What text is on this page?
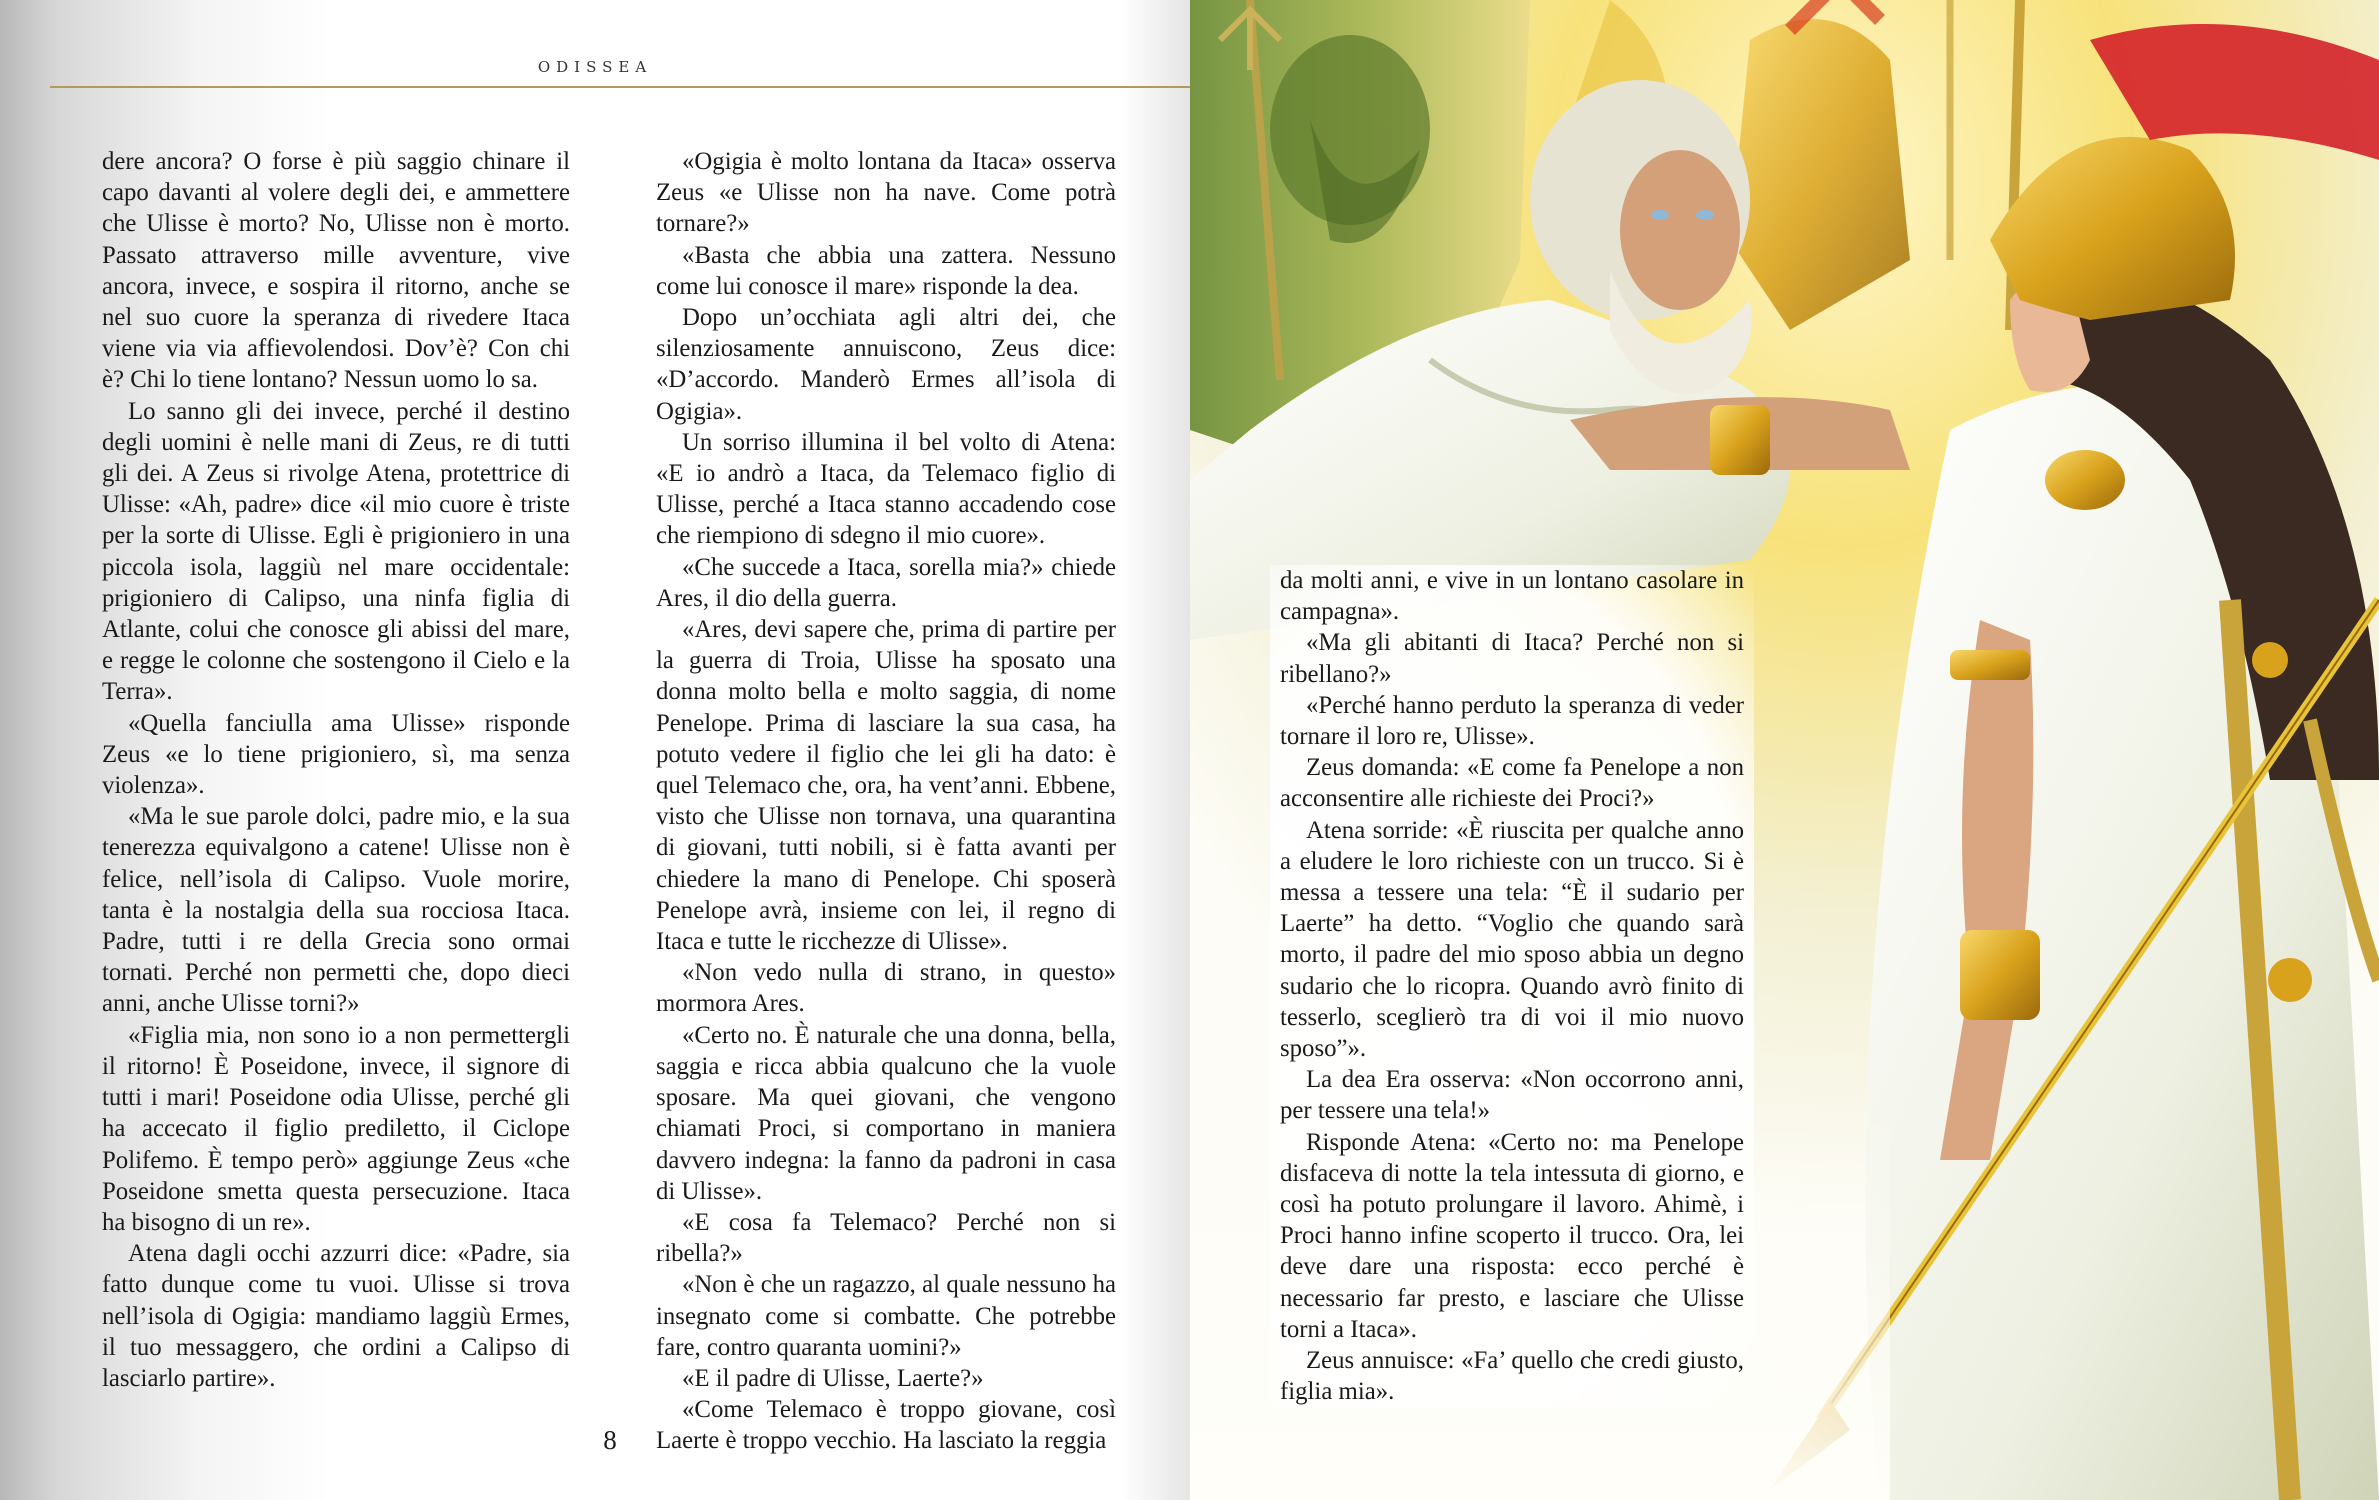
ODISSEA

dere ancora? O forse è più saggio chinare il capo davanti al volere degli dei, e ammettere che Ulisse è morto? No, Ulisse non è morto. Passato attraverso mille avventure, vive ancora, invece, e sospira il ritorno, anche se nel suo cuore la speranza di rivedere Itaca viene via via affievolendosi. Dov’è? Con chi è? Chi lo tiene lontano? Nessun uomo lo sa.

Lo sanno gli dei invece, perché il destino degli uomini è nelle mani di Zeus, re di tutti gli dei. A Zeus si rivolge Atena, protettrice di Ulisse: «Ah, padre» dice «il mio cuore è triste per la sorte di Ulisse. Egli è prigioniero in una piccola isola, laggiù nel mare occidentale: prigioniero di Calipso, una ninfa figlia di Atlante, colui che conosce gli abissi del mare, e regge le colonne che sostengono il Cielo e la Terra».

«Quella fanciulla ama Ulisse» risponde Zeus «e lo tiene prigioniero, sì, ma senza violenza».

«Ma le sue parole dolci, padre mio, e la sua tenerezza equivalgono a catene! Ulisse non è felice, nell’isola di Calipso. Vuole morire, tanta è la nostalgia della sua rocciosa Itaca. Padre, tutti i re della Grecia sono ormai tornati. Perché non permetti che, dopo dieci anni, anche Ulisse torni?»

«Figlia mia, non sono io a non permettergli il ritorno! È Poseidone, invece, il signore di tutti i mari! Poseidone odia Ulisse, perché gli ha accecato il figlio prediletto, il Ciclope Polifemo. È tempo però» aggiunge Zeus «che Poseidone smetta questa persecuzione. Itaca ha bisogno di un re».

Atena dagli occhi azzurri dice: «Padre, sia fatto dunque come tu vuoi. Ulisse si trova nell’isola di Ogigia: mandiamo laggiù Ermes, il tuo messaggero, che ordini a Calipso di lasciarlo partire».

«Ogigia è molto lontana da Itaca» osserva Zeus «e Ulisse non ha nave. Come potrà tornare?»

«Basta che abbia una zattera. Nessuno come lui conosce il mare» risponde la dea.

Dopo un’occhiata agli altri dei, che silenziosamente annuiscono, Zeus dice: «D’accordo. Manderò Ermes all’isola di Ogigia».

Un sorriso illumina il bel volto di Atena: «E io andrò a Itaca, da Telemaco figlio di Ulisse, perché a Itaca stanno accadendo cose che riempiono di sdegno il mio cuore».

«Che succede a Itaca, sorella mia?» chiede Ares, il dio della guerra.

«Ares, devi sapere che, prima di partire per la guerra di Troia, Ulisse ha sposato una donna molto bella e molto saggia, di nome Penelope. Prima di lasciare la sua casa, ha potuto vedere il figlio che lei gli ha dato: è quel Telemaco che, ora, ha vent’anni. Ebbene, visto che Ulisse non tornava, una quarantina di giovani, tutti nobili, si è fatta avanti per chiedere la mano di Penelope. Chi sposerà Penelope avrà, insieme con lei, il regno di Itaca e tutte le ricchezze di Ulisse».

«Non vedo nulla di strano, in questo» mormora Ares.

«Certo no. È naturale che una donna, bella, saggia e ricca abbia qualcuno che la vuole sposare. Ma quei giovani, che vengono chiamati Proci, si comportano in maniera davvero indegna: la fanno da padroni in casa di Ulisse».

«E cosa fa Telemaco? Perché non si ribella?»

«Non è che un ragazzo, al quale nessuno ha insegnato come si combatte. Che potrebbe fare, contro quaranta uomini?»

«E il padre di Ulisse, Laerte?»

«Come Telemaco è troppo giovane, così Laerte è troppo vecchio. Ha lasciato la reggia

8

da molti anni, e vive in un lontano casolare in campagna».

«Ma gli abitanti di Itaca? Perché non si ribellano?»

«Perché hanno perduto la speranza di veder tornare il loro re, Ulisse».

Zeus domanda: «E come fa Penelope a non acconsentire alle richieste dei Proci?»

Atena sorride: «È riuscita per qualche anno a eludere le loro richieste con un trucco. Si è messa a tessere una tela: “È il sudario per Laerte” ha detto. “Voglio che quando sarà morto, il padre del mio sposo abbia un degno sudario che lo ricopra. Quando avrò finito di tesserlo, sceglierò tra di voi il mio nuovo sposo”».

La dea Era osserva: «Non occorrono anni, per tessere una tela!»

Risponde Atena: «Certo no: ma Penelope disfaceva di notte la tela intessuta di giorno, e così ha potuto prolungare il lavoro. Ahimè, i Proci hanno infine scoperto il trucco. Ora, lei deve dare una risposta: ecco perché è necessario far presto, e lasciare che Ulisse torni a Itaca».

Zeus annuisce: «Fa’ quello che credi giusto, figlia mia».
